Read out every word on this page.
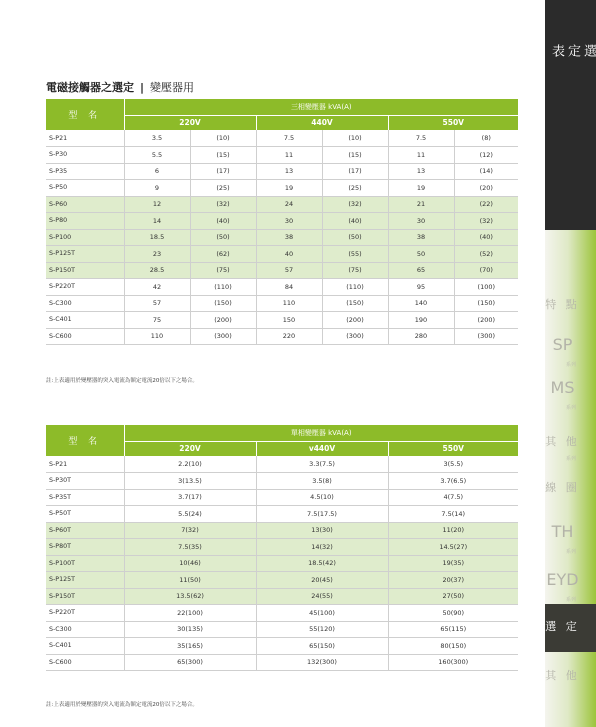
選
定
表
特 點
SP
系列
MS
系列
其 他
系列
線 圈
TH
系列
EYD
系列
選 定
其 他
電磁接觸器之選定 | 變壓器用
型 名	三相變壓器 kVA(A)					
	220V		440V		550V	
S-P21	3.5	(10)	7.5	(10)	7.5	(8)
S-P30	5.5	(15)	11	(15)	11	(12)
S-P35	6	(17)	13	(17)	13	(14)
S-P50	9	(25)	19	(25)	19	(20)
S-P60	12	(32)	24	(32)	21	(22)
S-P80	14	(40)	30	(40)	30	(32)
S-P100	18.5	(50)	38	(50)	38	(40)
S-P125T	23	(62)	40	(55)	50	(52)
S-P150T	28.5	(75)	57	(75)	65	(70)
S-P220T	42	(110)	84	(110)	95	(100)
S-C300	57	(150)	110	(150)	140	(150)
S-C401	75	(200)	150	(200)	190	(200)
S-C600	110	(300)	220	(300)	280	(300)
註:上表適用於變壓器的突入電流為額定電流20倍以下之場合。
型 名	單相變壓器 kVA(A)		
	220V	v440V	550V
S-P21	2.2(10)	3.3(7.5)	3(5.5)
S-P30T	3(13.5)	3.5(8)	3.7(6.5)
S-P35T	3.7(17)	4.5(10)	4(7.5)
S-P50T	5.5(24)	7.5(17.5)	7.5(14)
S-P60T	7(32)	13(30)	11(20)
S-P80T	7.5(35)	14(32)	14.5(27)
S-P100T	10(46)	18.5(42)	19(35)
S-P125T	11(50)	20(45)	20(37)
S-P150T	13.5(62)	24(55)	27(50)
S-P220T	22(100)	45(100)	50(90)
S-C300	30(135)	55(120)	65(115)
S-C401	35(165)	65(150)	80(150)
S-C600	65(300)	132(300)	160(300)
註:上表適用於變壓器的突入電流為額定電流20倍以下之場合。
